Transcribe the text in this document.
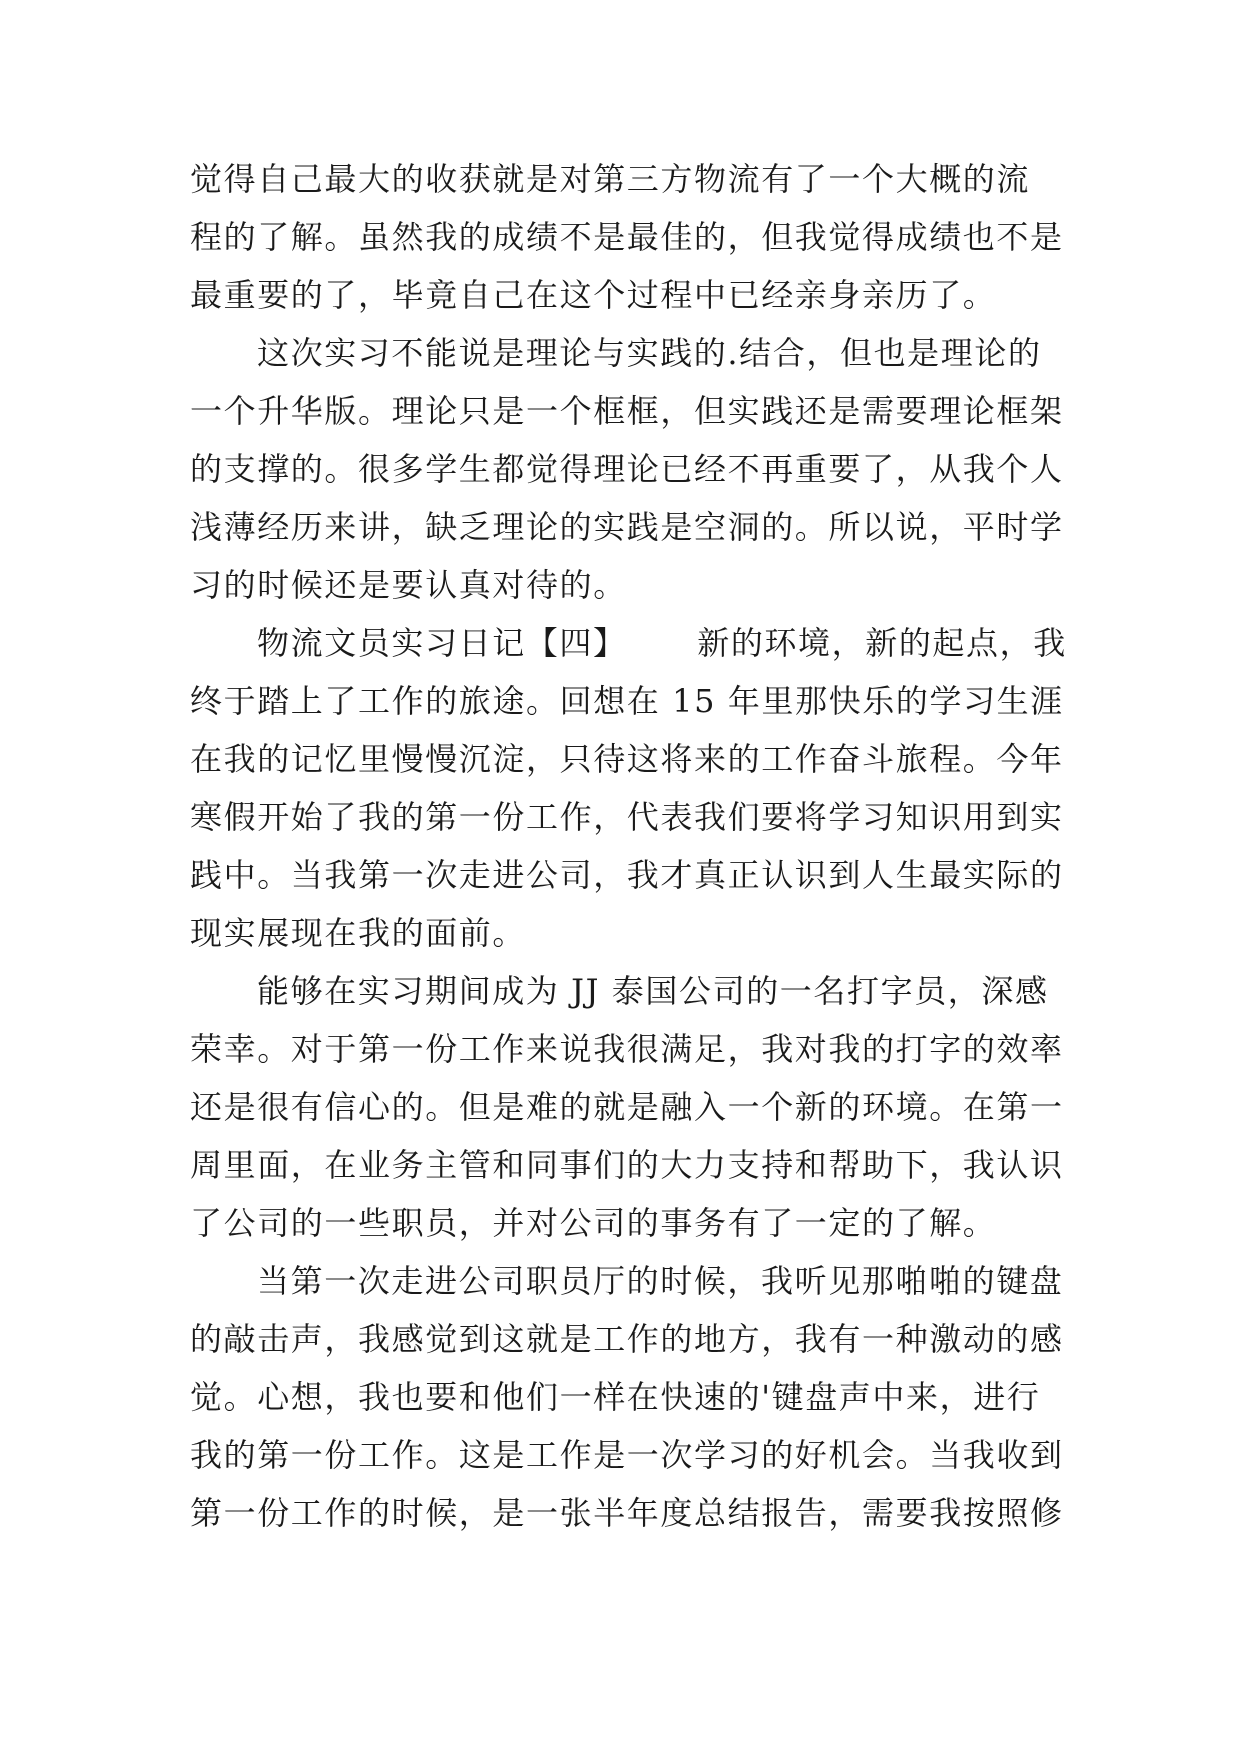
觉得自己最大的收获就是对第三方物流有了一个大概的流
程的了解。虽然我的成绩不是最佳的，但我觉得成绩也不是
最重要的了，毕竟自己在这个过程中已经亲身亲历了。
这次实习不能说是理论与实践的.结合，但也是理论的
一个升华版。理论只是一个框框，但实践还是需要理论框架
的支撑的。很多学生都觉得理论已经不再重要了，从我个人
浅薄经历来讲，缺乏理论的实践是空洞的。所以说，平时学
习的时候还是要认真对待的。
物流文员实习日记【四】      新的环境，新的起点，我
终于踏上了工作的旅途。回想在 15 年里那快乐的学习生涯
在我的记忆里慢慢沉淀，只待这将来的工作奋斗旅程。今年
寒假开始了我的第一份工作，代表我们要将学习知识用到实
践中。当我第一次走进公司，我才真正认识到人生最实际的
现实展现在我的面前。
能够在实习期间成为 JJ 泰国公司的一名打字员，深感
荣幸。对于第一份工作来说我很满足，我对我的打字的效率
还是很有信心的。但是难的就是融入一个新的环境。在第一
周里面，在业务主管和同事们的大力支持和帮助下，我认识
了公司的一些职员，并对公司的事务有了一定的了解。
当第一次走进公司职员厅的时候，我听见那啪啪的键盘
的敲击声，我感觉到这就是工作的地方，我有一种激动的感
觉。心想，我也要和他们一样在快速的'键盘声中来，进行
我的第一份工作。这是工作是一次学习的好机会。当我收到
第一份工作的时候，是一张半年度总结报告，需要我按照修
